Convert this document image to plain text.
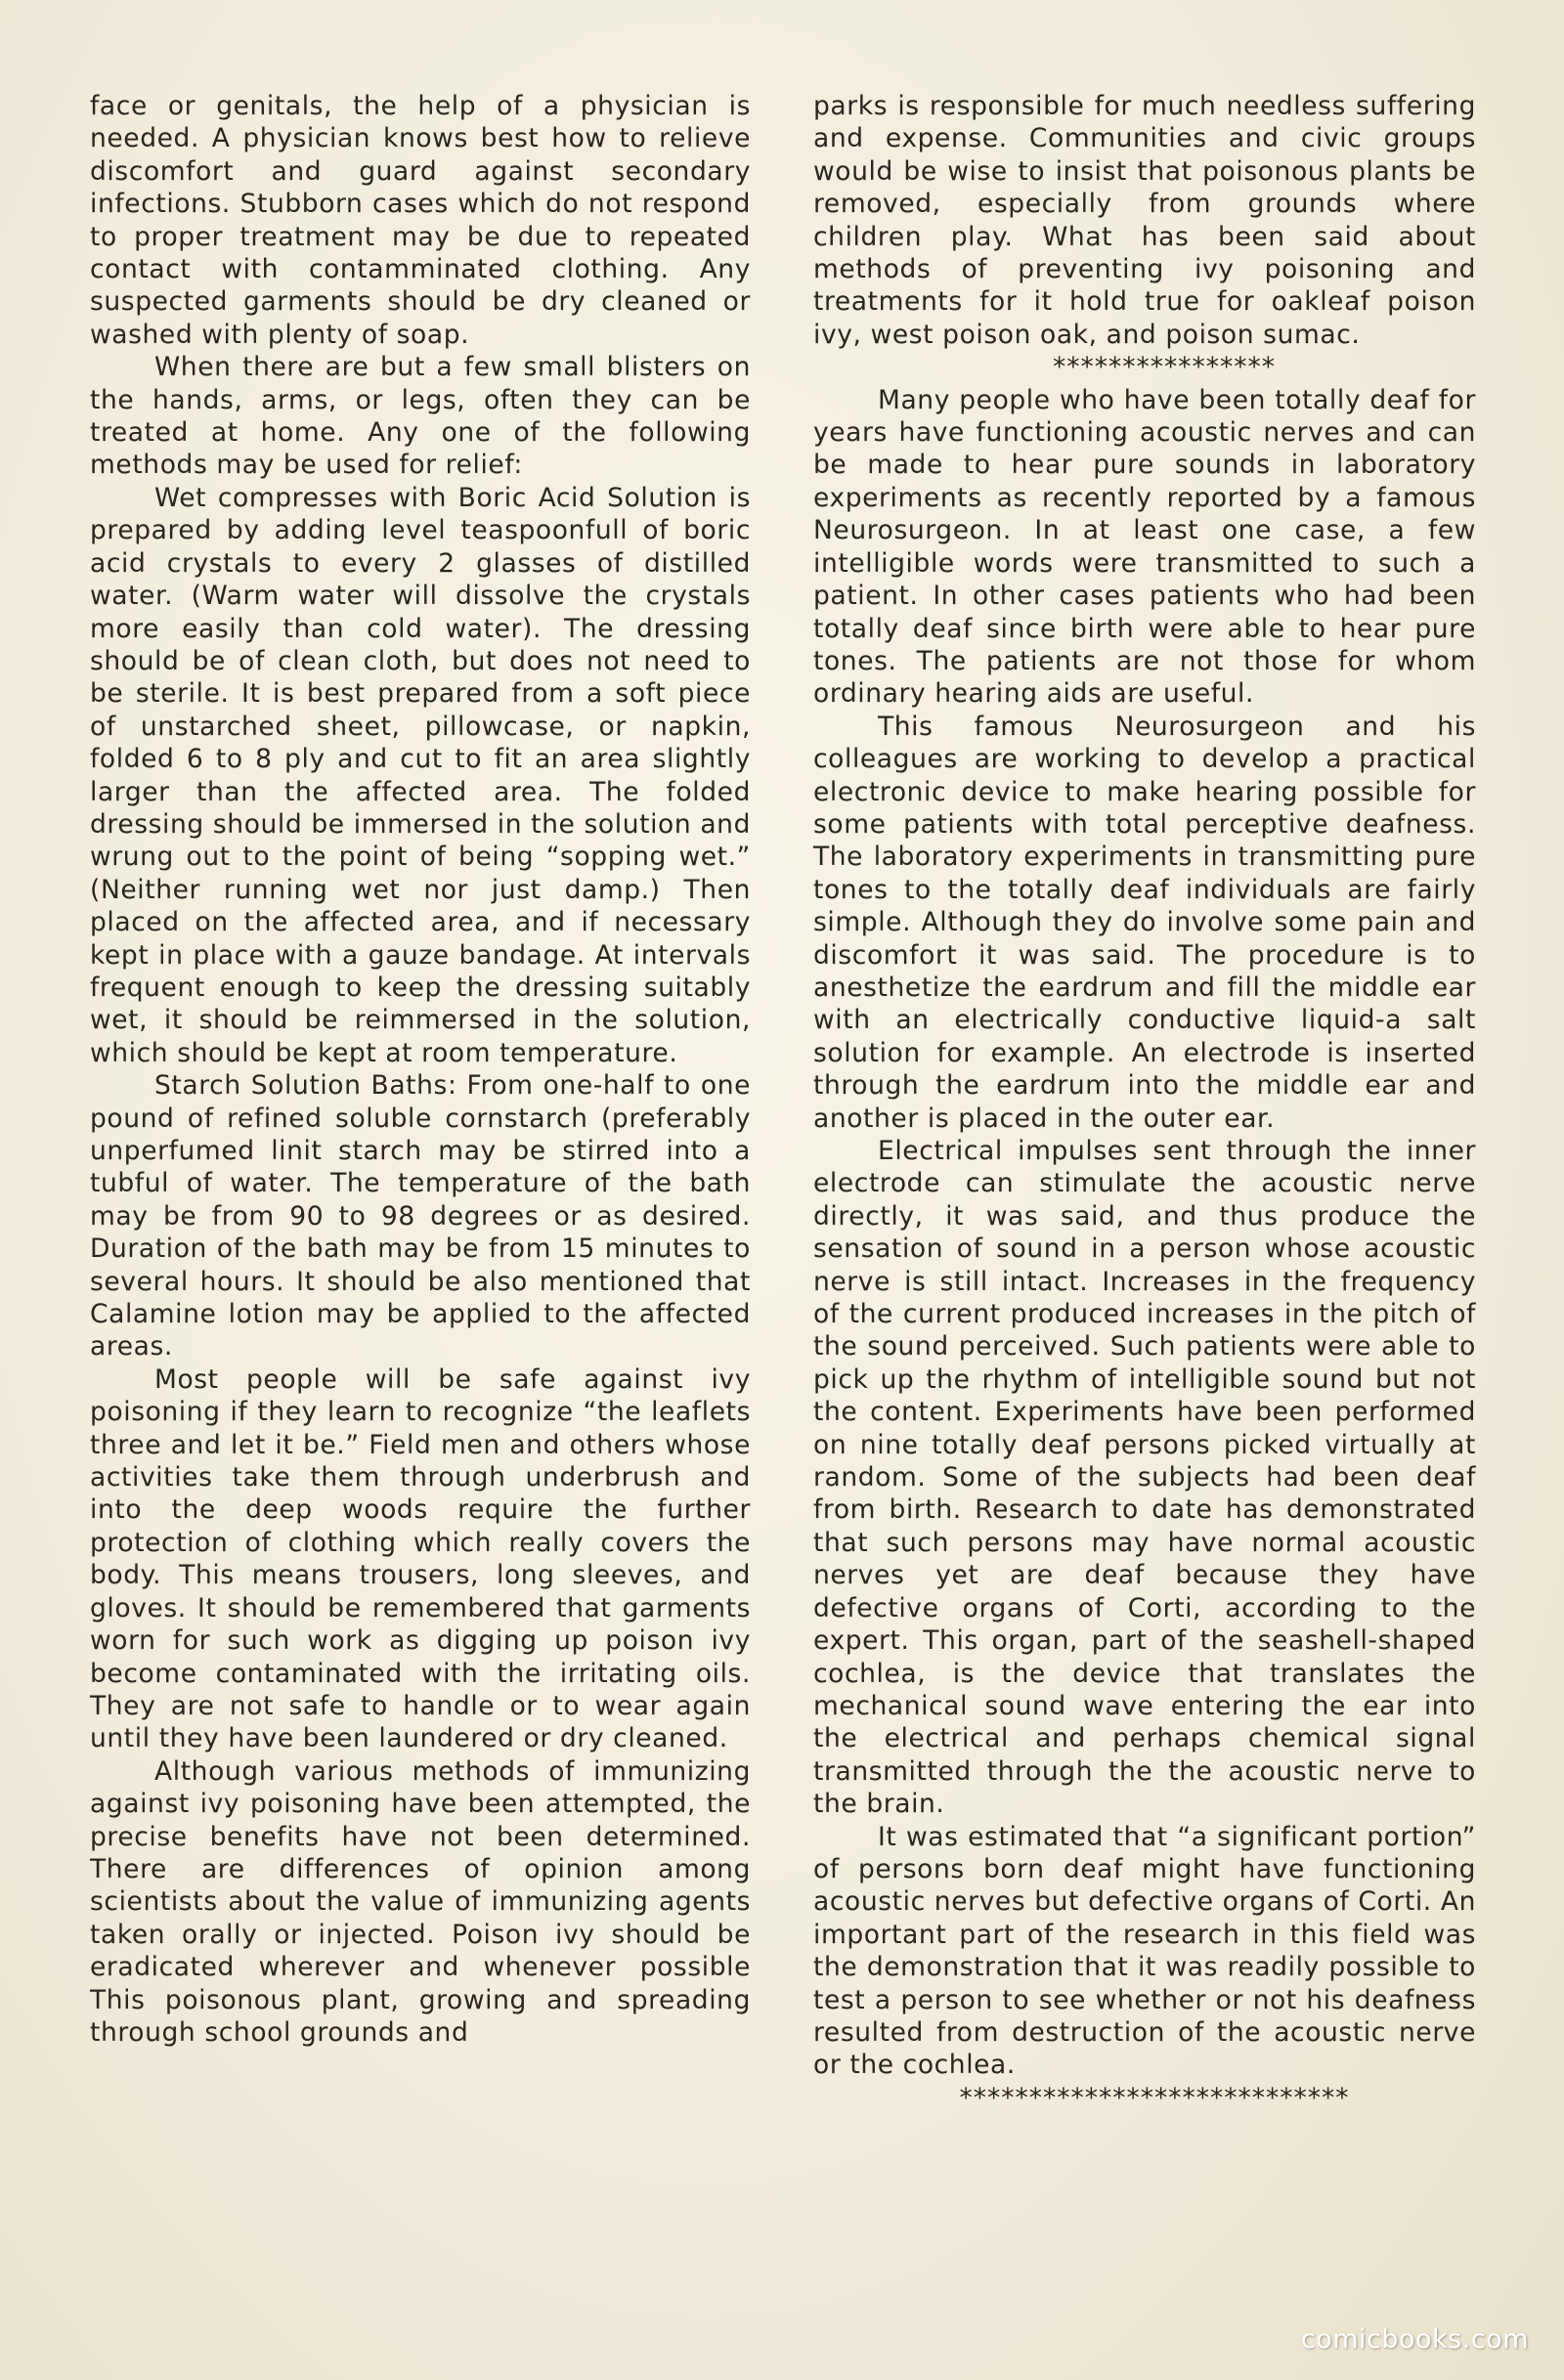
face or genitals, the help of a physician is needed. A physician knows best how to relieve discomfort and guard against secondary infections. Stubborn cases which do not respond to proper treatment may be due to repeated contact with contamminated clothing. Any suspected garments should be dry cleaned or washed with plenty of soap.

When there are but a few small blisters on the hands, arms, or legs, often they can be treated at home. Any one of the following methods may be used for relief:

Wet compresses with Boric Acid Solution is prepared by adding level teaspoonfull of boric acid crystals to every 2 glasses of distilled water. (Warm water will dissolve the crystals more easily than cold water). The dressing should be of clean cloth, but does not need to be sterile. It is best prepared from a soft piece of unstarched sheet, pillowcase, or napkin, folded 6 to 8 ply and cut to fit an area slightly larger than the affected area. The folded dressing should be immersed in the solution and wrung out to the point of being “sopping wet.” (Neither running wet nor just damp.) Then placed on the affected area, and if necessary kept in place with a gauze bandage. At intervals frequent enough to keep the dressing suitably wet, it should be reimmersed in the solution, which should be kept at room temperature.

Starch Solution Baths: From one-half to one pound of refined soluble cornstarch (preferably unperfumed linit starch may be stirred into a tubful of water. The temperature of the bath may be from 90 to 98 degrees or as desired. Duration of the bath may be from 15 minutes to several hours. It should be also mentioned that Calamine lotion may be applied to the affected areas.

Most people will be safe against ivy poisoning if they learn to recognize “the leaflets three and let it be.” Field men and others whose activities take them through underbrush and into the deep woods require the further protection of clothing which really covers the body. This means trousers, long sleeves, and gloves. It should be remembered that garments worn for such work as digging up poison ivy become contaminated with the irritating oils. They are not safe to handle or to wear again until they have been laundered or dry cleaned.

Although various methods of immunizing against ivy poisoning have been attempted, the precise benefits have not been determined. There are differences of opinion among scientists about the value of immunizing agents taken orally or injected. Poison ivy should be eradicated wherever and whenever possible This poisonous plant, growing and spreading through school grounds and

parks is responsible for much needless suffering and expense. Communities and civic groups would be wise to insist that poisonous plants be removed, especially from grounds where children play. What has been said about methods of preventing ivy poisoning and treatments for it hold true for oakleaf poison ivy, west poison oak, and poison sumac.

****************

Many people who have been totally deaf for years have functioning acoustic nerves and can be made to hear pure sounds in laboratory experiments as recently reported by a famous Neurosurgeon. In at least one case, a few intelligible words were transmitted to such a patient. In other cases patients who had been totally deaf since birth were able to hear pure tones. The patients are not those for whom ordinary hearing aids are useful.

This famous Neurosurgeon and his colleagues are working to develop a practical electronic device to make hearing possible for some patients with total perceptive deafness. The laboratory experiments in transmitting pure tones to the totally deaf individuals are fairly simple. Although they do involve some pain and discomfort it was said. The procedure is to anesthetize the eardrum and fill the middle ear with an electrically conductive liquid-a salt solution for example. An electrode is inserted through the eardrum into the middle ear and another is placed in the outer ear.

Electrical impulses sent through the inner electrode can stimulate the acoustic nerve directly, it was said, and thus produce the sensation of sound in a person whose acoustic nerve is still intact. Increases in the frequency of the current produced increases in the pitch of the sound perceived. Such patients were able to pick up the rhythm of intelligible sound but not the content. Experiments have been performed on nine totally deaf persons picked virtually at random. Some of the subjects had been deaf from birth. Research to date has demonstrated that such persons may have normal acoustic nerves yet are deaf because they have defective organs of Corti, according to the expert. This organ, part of the seashell-shaped cochlea, is the device that translates the mechanical sound wave entering the ear into the electrical and perhaps chemical signal transmitted through the the acoustic nerve to the brain.

It was estimated that “a significant portion” of persons born deaf might have functioning acoustic nerves but defective organs of Corti. An important part of the research in this field was the demonstration that it was readily possible to test a person to see whether or not his deafness resulted from destruction of the acoustic nerve or the cochlea.

****************************

comicbooks.com
